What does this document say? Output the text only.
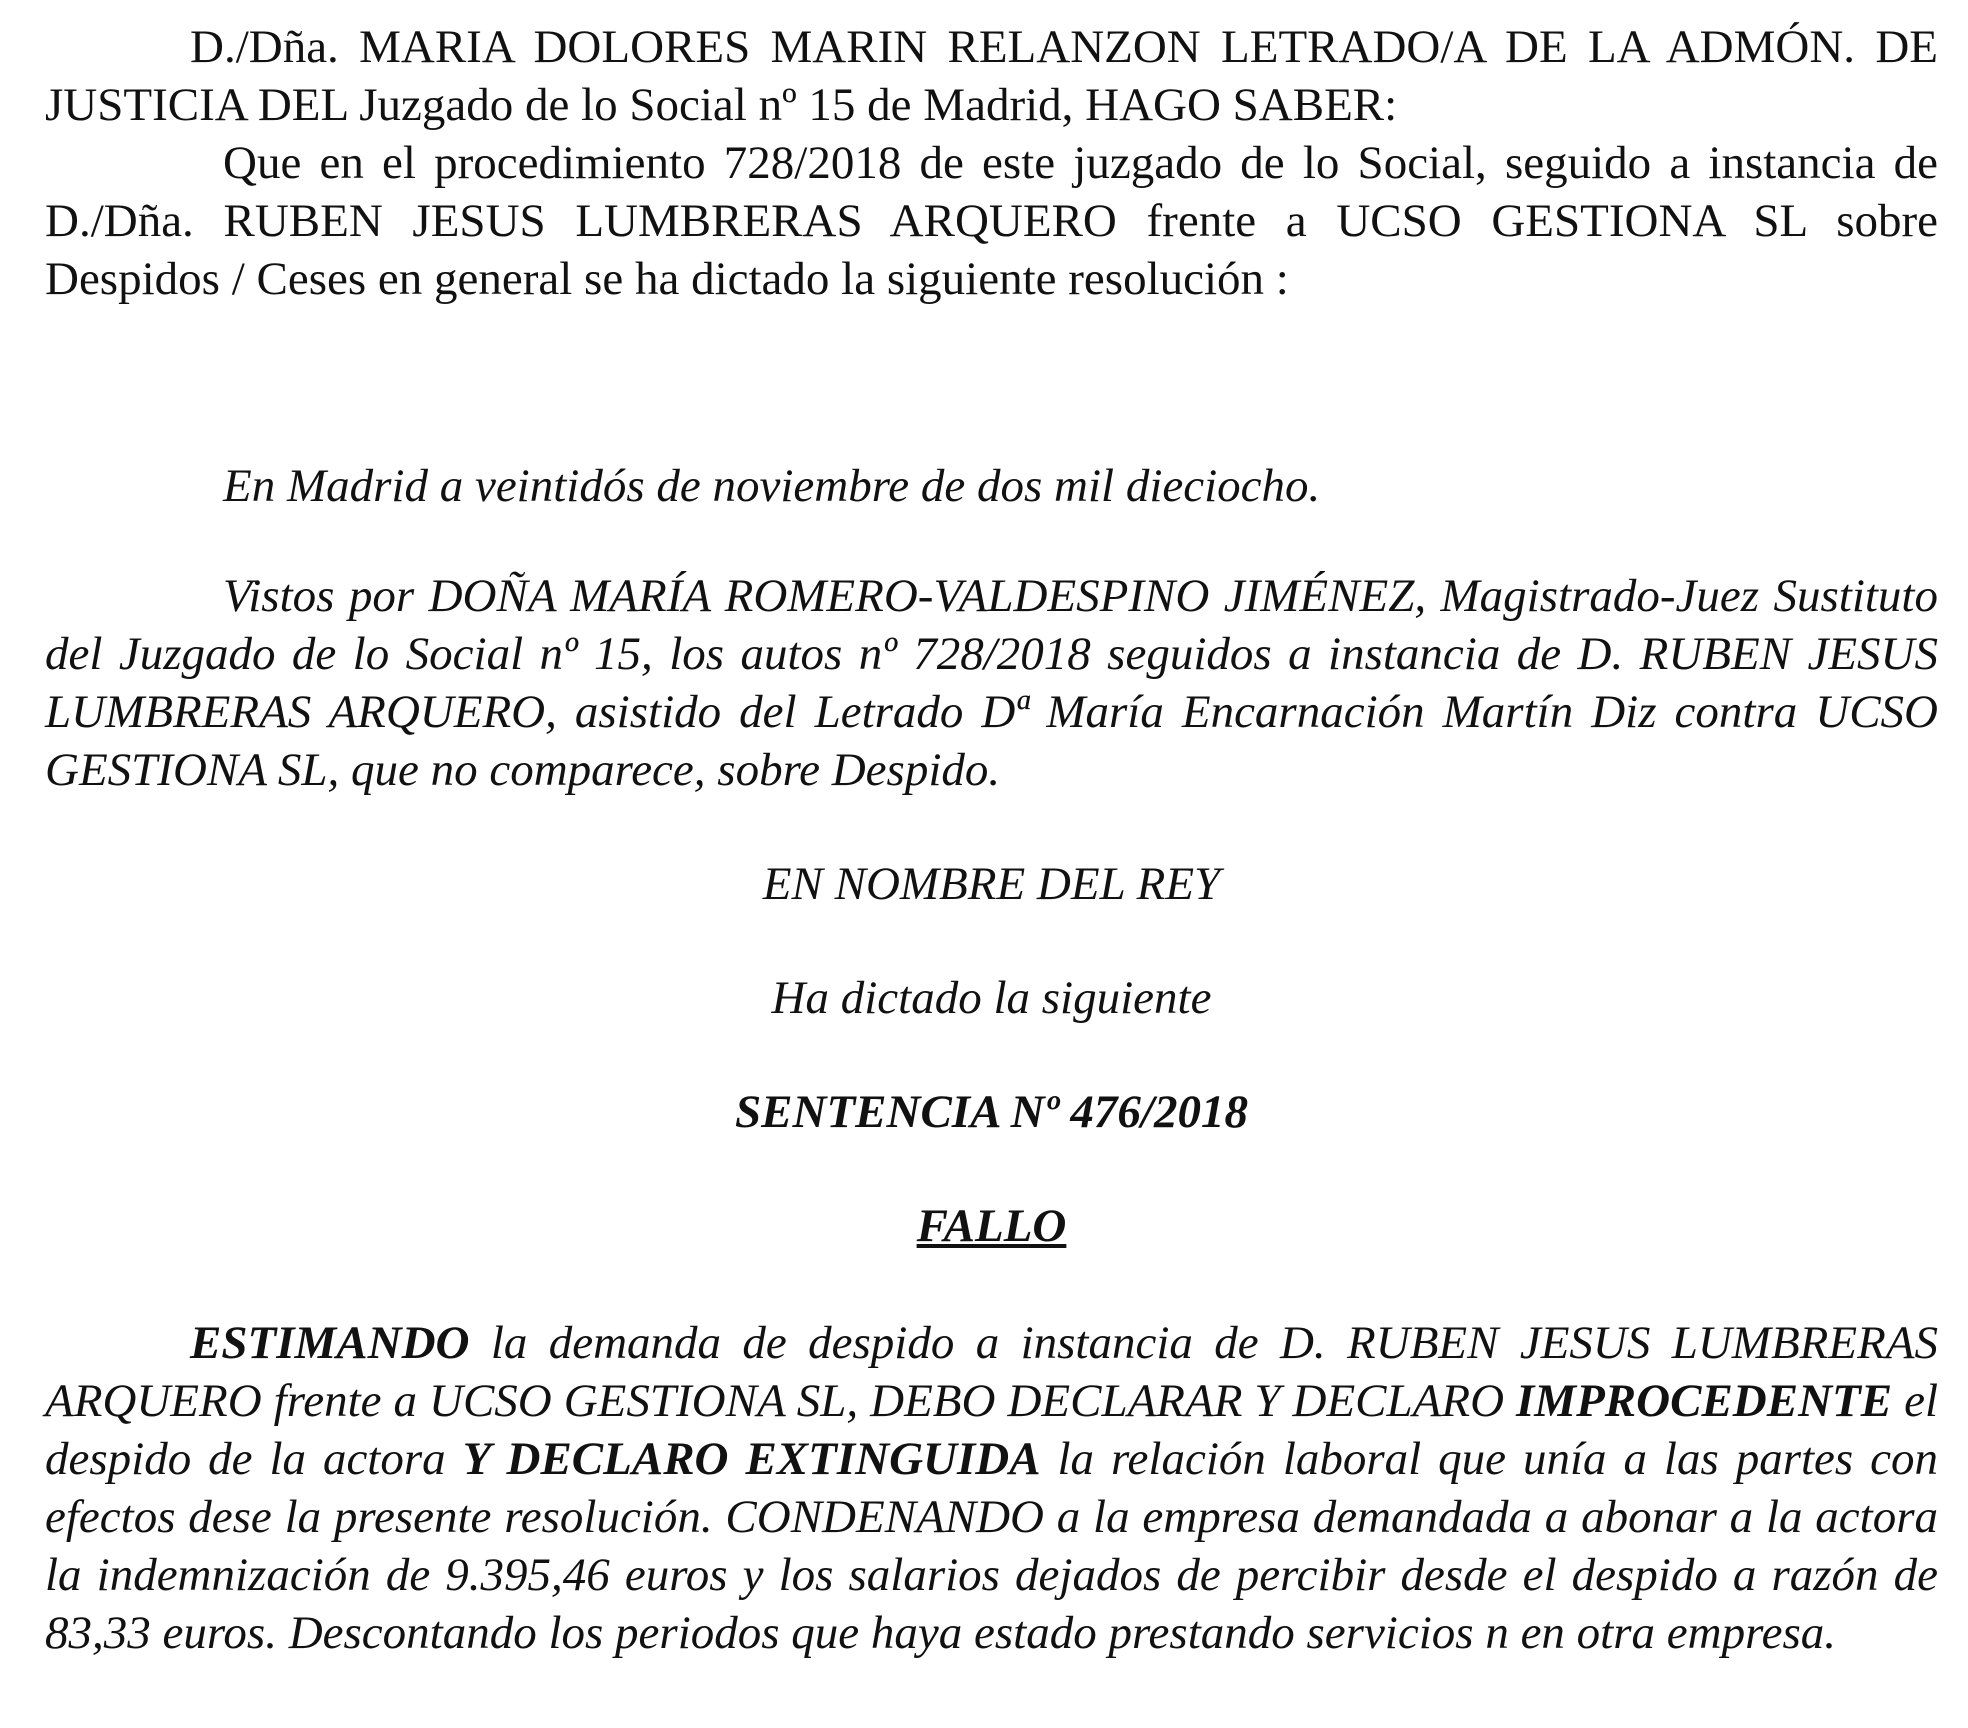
D./Dña. MARIA DOLORES MARIN RELANZON LETRADO/A DE LA ADMÓN. DE JUSTICIA DEL Juzgado de lo Social nº 15 de Madrid, HAGO SABER:

Que en el procedimiento 728/2018 de este juzgado de lo Social, seguido a instancia de D./Dña. RUBEN JESUS LUMBRERAS ARQUERO frente a UCSO GESTIONA SL sobre Despidos / Ceses en general se ha dictado la siguiente resolución :

En Madrid a veintidós de noviembre de dos mil dieciocho.

Vistos por DOÑA MARÍA ROMERO-VALDESPINO JIMÉNEZ, Magistrado-Juez Sustituto del Juzgado de lo Social nº 15, los autos nº 728/2018 seguidos a instancia de D. RUBEN JESUS LUMBRERAS ARQUERO, asistido del Letrado Dª María Encarnación Martín Diz contra UCSO GESTIONA SL, que no comparece, sobre Despido.

EN NOMBRE DEL REY

Ha dictado la siguiente

SENTENCIA Nº 476/2018

FALLO

ESTIMANDO la demanda de despido a instancia de D. RUBEN JESUS LUMBRERAS ARQUERO frente a UCSO GESTIONA SL, DEBO DECLARAR Y DECLARO IMPROCEDENTE el despido de la actora Y DECLARO EXTINGUIDA la relación laboral que unía a las partes con efectos dese la presente resolución. CONDENANDO a la empresa demandada a abonar a la actora la indemnización de 9.395,46 euros y los salarios dejados de percibir desde el despido a razón de 83,33 euros. Descontando los periodos que haya estado prestando servicios n en otra empresa.
